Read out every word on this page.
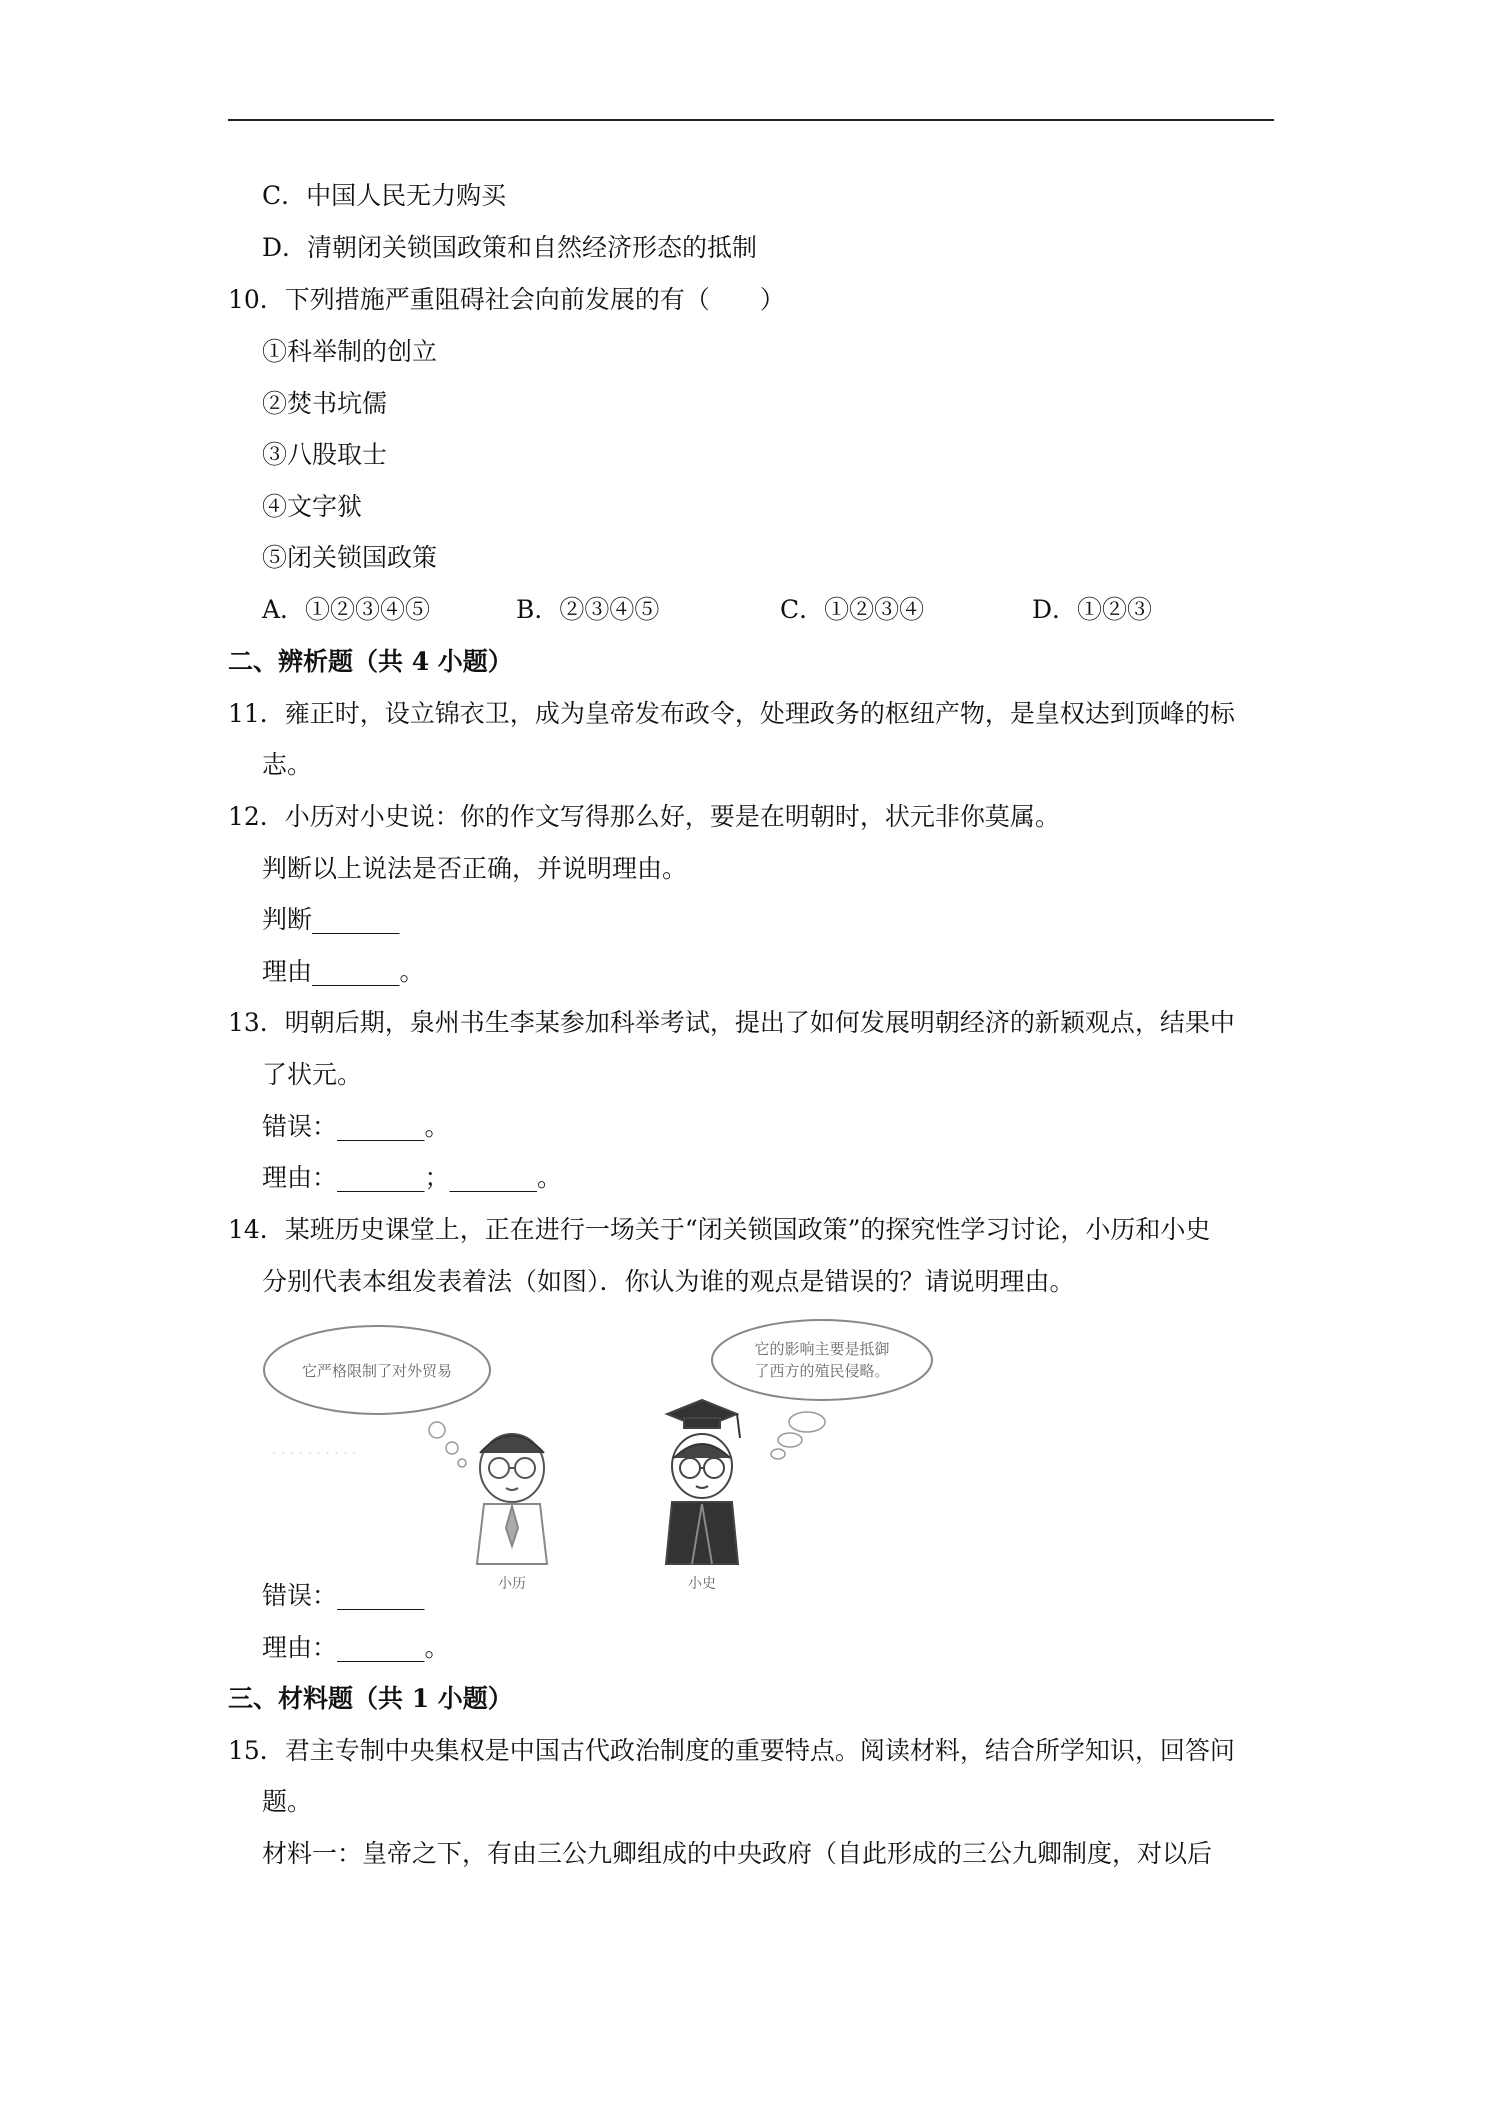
C．中国人民无力购买
D．清朝闭关锁国政策和自然经济形态的抵制
10．下列措施严重阻碍社会向前发展的有（　　）
①科举制的创立
②焚书坑儒
③八股取士
④文字狱
⑤闭关锁国政策
A．①②③④⑤	B．②③④⑤	C．①②③④	D．①②③
二、辨析题（共 4 小题）
11．雍正时，设立锦衣卫，成为皇帝发布政令，处理政务的枢纽产物，是皇权达到顶峰的标
志。
12．小历对小史说：你的作文写得那么好，要是在明朝时，状元非你莫属。
判断以上说法是否正确，并说明理由。
判断_______
理由_______。
13．明朝后期，泉州书生李某参加科举考试，提出了如何发展明朝经济的新颖观点，结果中
了状元。
错误：_______。
理由：_______；_______。
14．某班历史课堂上，正在进行一场关于“闭关锁国政策”的探究性学习讨论，小历和小史
分别代表本组发表着法（如图）．你认为谁的观点是错误的？请说明理由。
它严格限制了对外贸易
· · · · · · · · · ·
它的影响主要是抵御
了西方的殖民侵略。
小历	小史
错误：_______
理由：_______。
三、材料题（共 1 小题）
15．君主专制中央集权是中国古代政治制度的重要特点。阅读材料，结合所学知识，回答问
题。
材料一：皇帝之下，有由三公九卿组成的中央政府（自此形成的三公九卿制度，对以后
